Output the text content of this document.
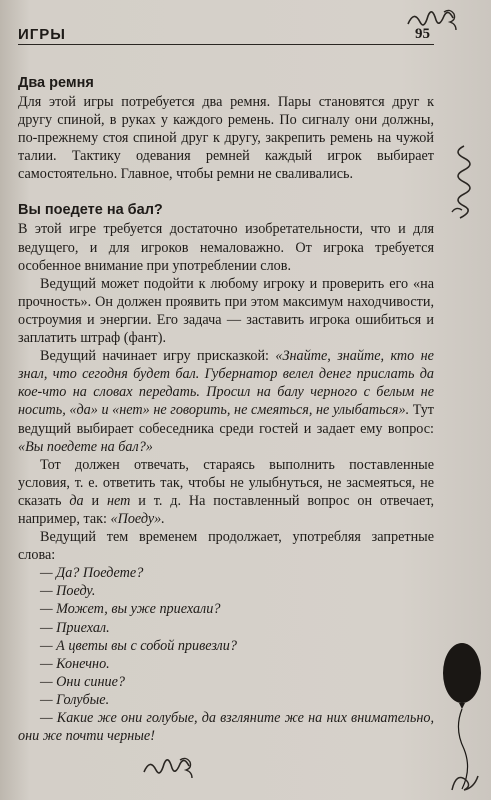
ИГРЫ	95
Два ремня

Для этой игры потребуется два ремня. Пары становятся друг к другу спиной, в руках у каждого ремень. По сигналу они должны, по-прежнему стоя спиной друг к другу, закрепить ремень на чужой талии. Тактику одевания ремней каждый игрок выбирает самостоятельно. Главное, чтобы ремни не сваливались.

Вы поедете на бал?

В этой игре требуется достаточно изобретательности, что и для ведущего, и для игроков немаловажно. От игрока требуется особенное внимание при употреблении слов.

Ведущий может подойти к любому игроку и проверить его «на прочность». Он должен проявить при этом максимум находчивости, остроумия и энергии. Его задача — заставить игрока ошибиться и заплатить штраф (фант).

Ведущий начинает игру присказкой: «Знайте, знайте, кто не знал, что сегодня будет бал. Губернатор велел денег прислать да кое-что на словах передать. Просил на балу черного с белым не носить, «да» и «нет» не говорить, не смеяться, не улыбаться». Тут ведущий выбирает собеседника среди гостей и задает ему вопрос: «Вы поедете на бал?»

Тот должен отвечать, стараясь выполнить поставленные условия, т. е. ответить так, чтобы не улыбнуться, не засмеяться, не сказать да и нет и т. д. На поставленный вопрос он отвечает, например, так: «Поеду».

Ведущий тем временем продолжает, употребляя запретные слова:

— Да? Поедете?

— Поеду.

— Может, вы уже приехали?

— Приехал.

— А цветы вы с собой привезли?

— Конечно.

— Они синие?

— Голубые.

— Какие же они голубые, да взгляните же на них внимательно, они же почти черные!
